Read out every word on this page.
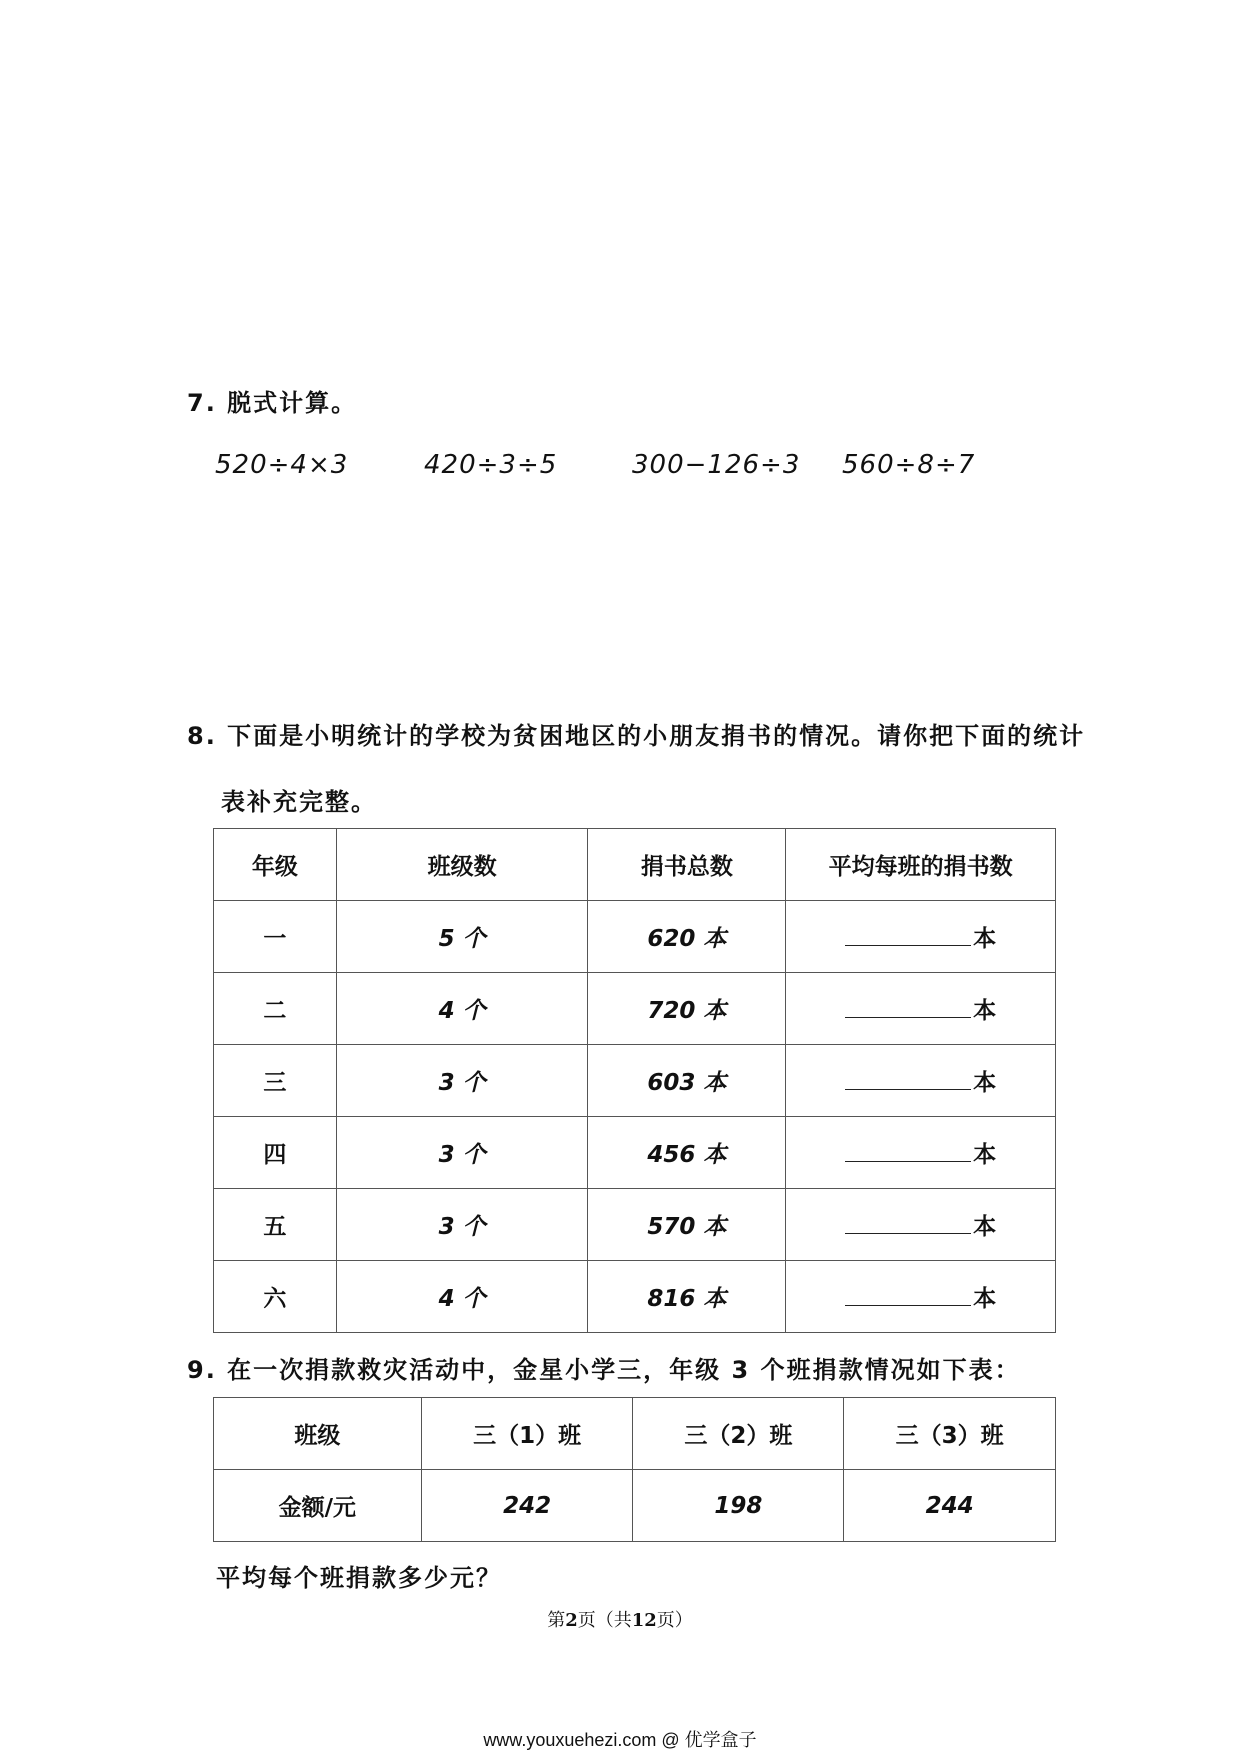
7. 脱式计算。
520÷4×3	420÷3÷5	300−126÷3 560÷8÷7
8. 下面是小明统计的学校为贫困地区的小朋友捐书的情况。请你把下面的统计
表补充完整。
年级	班级数	捐书总数	平均每班的捐书数
一	5 个	620 本	本
二	4 个	720 本	本
三	3 个	603 本	本
四	3 个	456 本	本
五	3 个	570 本	本
六	4 个	816 本	本
9. 在一次捐款救灾活动中，金星小学三，年级 3 个班捐款情况如下表：
班级	三（1）班	三（2）班	三（3）班
金额/元	242	198	244
平均每个班捐款多少元？
第2页（共12页）
www.youxuehezi.com @ 优学盒子
